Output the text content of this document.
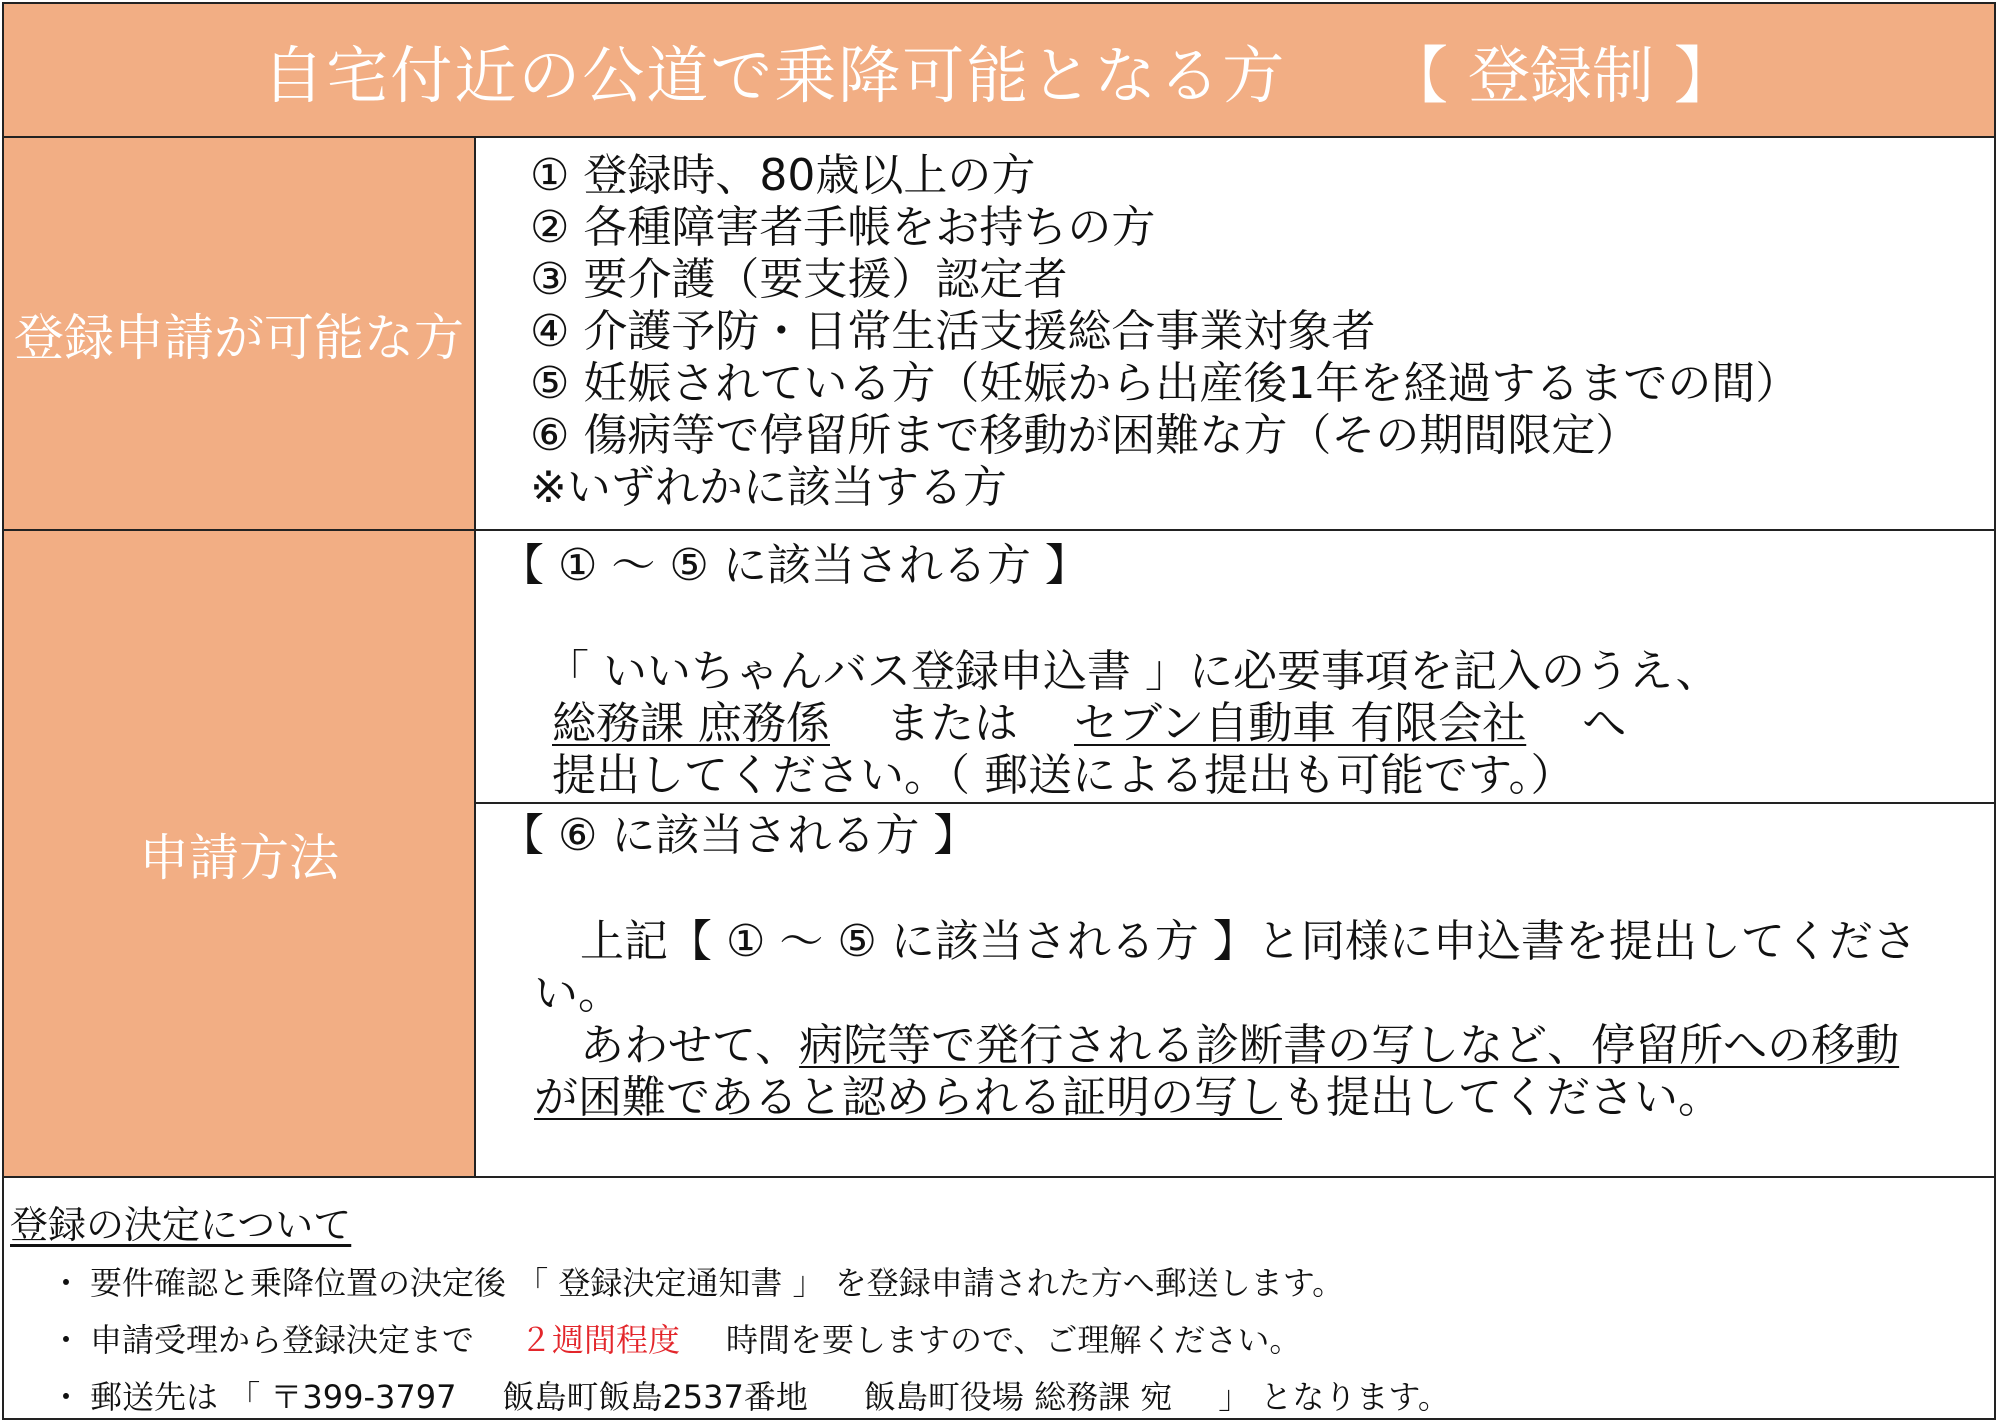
自宅付近の公道で乗降可能となる方 【 登録制 】
登録申請が可能な方
申請方法
① 登録時、80歳以上の方
② 各種障害者手帳をお持ちの方
③ 要介護（要支援）認定者
④ 介護予防・日常生活支援総合事業対象者
⑤ 妊娠されている方（妊娠から出産後1年を経過するまでの間）
⑥ 傷病等で停留所まで移動が困難な方（その期間限定）
※いずれかに該当する方
【 ① ～ ⑤ に該当される方 】
「 いいちゃんバス登録申込書 」に必要事項を記入のうえ、
総務課 庶務係 または セブン自動車 有限会社 へ
提出してください。（ 郵送による提出も可能です。）
【 ⑥ に該当される方 】
上記【 ① ～ ⑤ に該当される方 】と同様に申込書を提出してください。
あわせて、病院等で発行される診断書の写しなど、停留所への移動が困難であると認められる証明の写しも提出してください。
登録の決定について
・ 要件確認と乗降位置の決定後 「 登録決定通知書 」 を登録申請された方へ郵送します。
・ 申請受理から登録決定まで ２週間程度 時間を要しますので、ご理解ください。
・ 郵送先は 「 〒399-3797 飯島町飯島2537番地 飯島町役場 総務課 宛 」 となります。
